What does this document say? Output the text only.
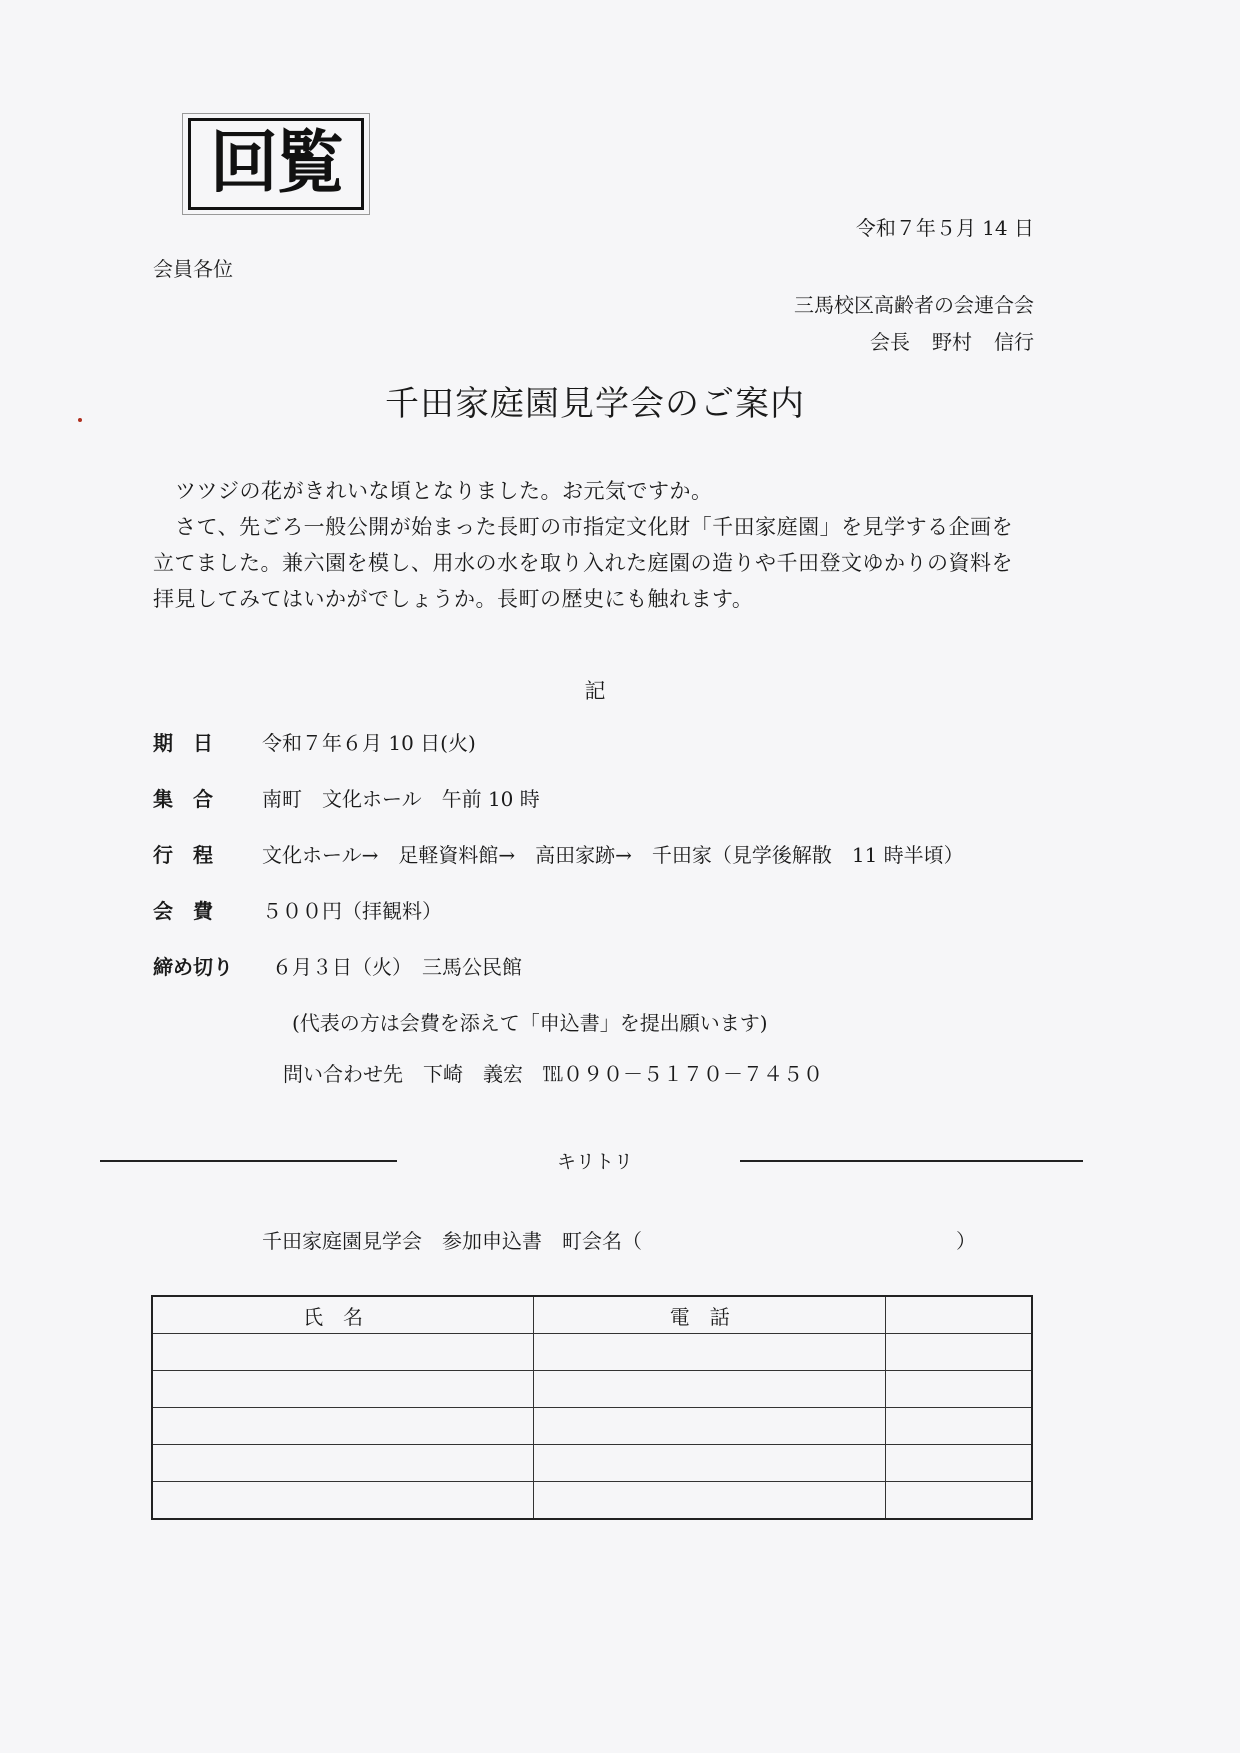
回覧
令和７年５月 14 日
会員各位
三馬校区高齢者の会連合会
会長 野村 信行
千田家庭園見学会のご案内

ツツジの花がきれいな頃となりました。お元気ですか。

さて、先ごろ一般公開が始まった長町の市指定文化財「千田家庭園」を見学する企画を立てました。兼六園を模し、用水の水を取り入れた庭園の造りや千田登文ゆかりの資料を拝見してみてはいかがでしょうか。長町の歴史にも触れます。

記
期　日 令和７年６月 10 日(火)
集　合 南町　文化ホール　午前 10 時
行　程 文化ホール→　足軽資料館→　高田家跡→　千田家（見学後解散　11 時半頃）
会　費 ５００円（拝観料）
締め切り ６月３日（火）　三馬公民館
(代表の方は会費を添えて「申込書」を提出願います)
問い合わせ先　 下崎　義宏　 ℡０９０－５１７０－７４５０
キリトリ
千田家庭園見学会　参加申込書　町会名（	）
氏名	電話	
